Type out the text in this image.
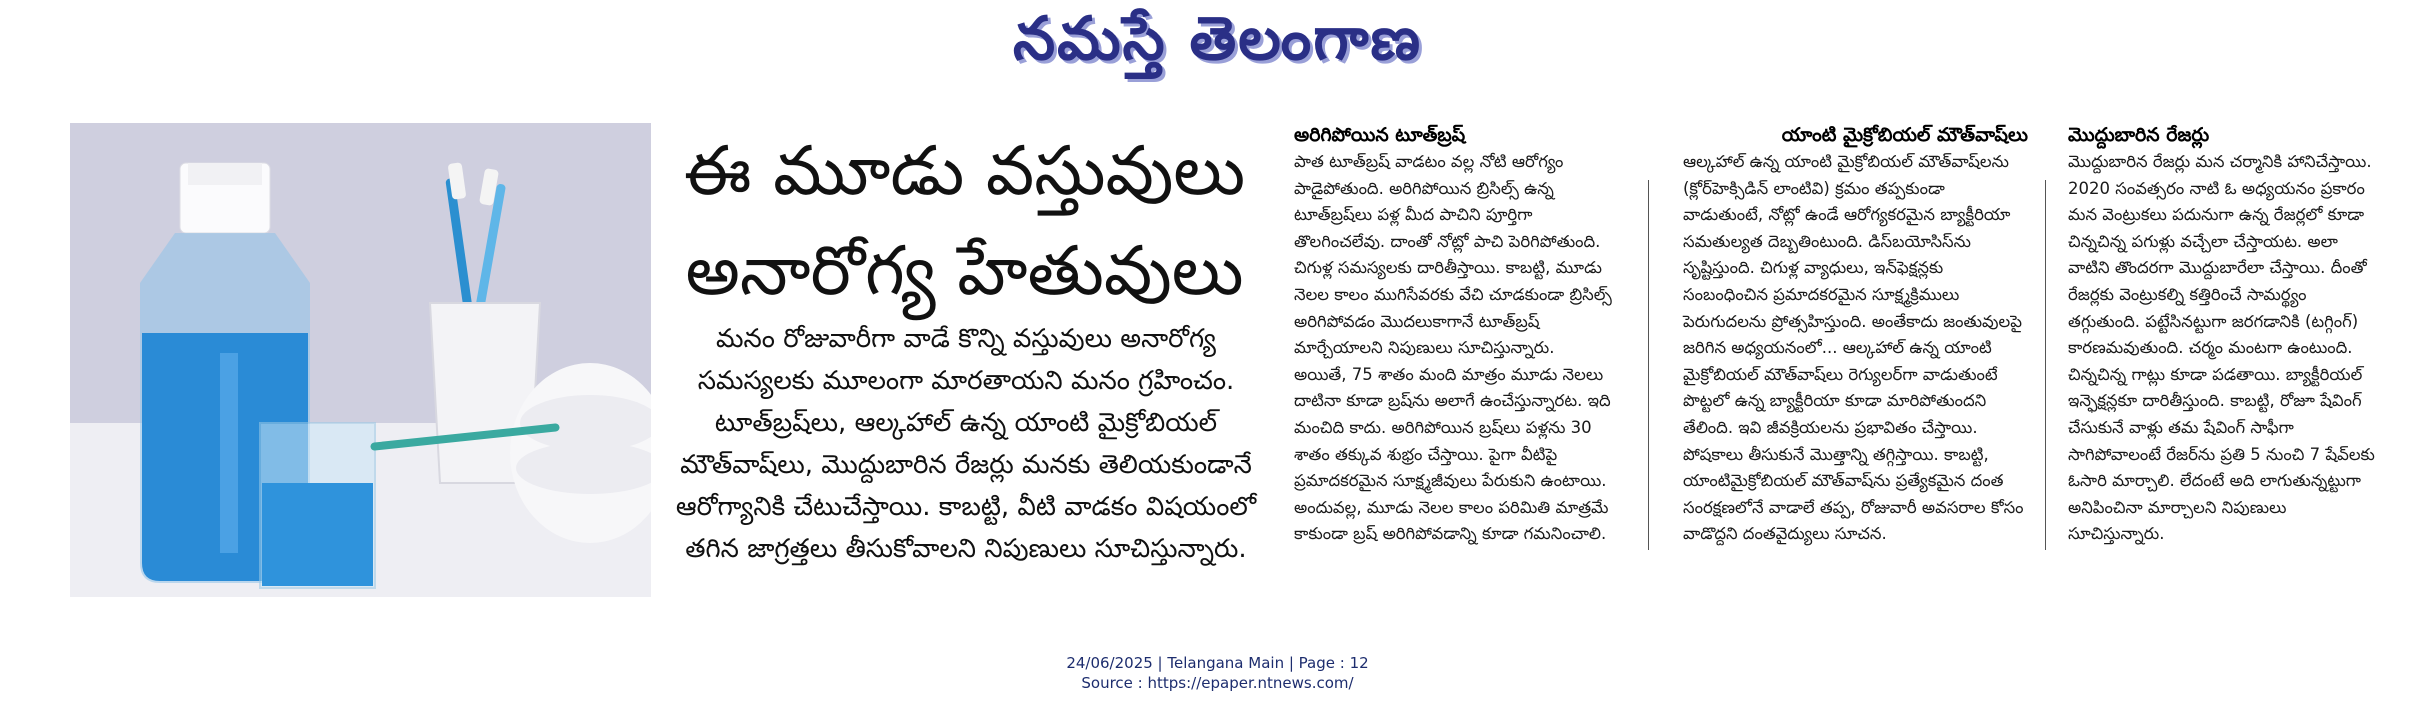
నమస్తే తెలంగాణ
ఈ మూడు వస్తువులు
అనారోగ్య హేతువులు
మనం రోజువారీగా వాడే కొన్ని వస్తువులు అనారోగ్య సమస్యలకు మూలంగా మారతాయని మనం గ్రహించం. టూత్‌బ్రష్‌లు, ఆల్కహాల్ ఉన్న యాంటి మైక్రోబియల్ మౌత్‌వాష్‌లు, మొద్దుబారిన రేజర్లు మనకు తెలియకుండానే ఆరోగ్యానికి చేటుచేస్తాయి. కాబట్టి, వీటి వాడకం విషయంలో తగిన జాగ్రత్తలు తీసుకోవాలని నిపుణులు సూచిస్తున్నారు.
అరిగిపోయిన టూత్‌బ్రష్

పాత టూత్‌బ్రష్ వాడటం వల్ల నోటి ఆరోగ్యం పాడైపోతుంది. అరిగిపోయిన బ్రిసిల్స్ ఉన్న టూత్‌బ్రష్‌లు పళ్ల మీద పాచిని పూర్తిగా తొలగించలేవు. దాంతో నోట్లో పాచి పెరిగిపోతుంది. చిగుళ్ల సమస్యలకు దారితీస్తాయి. కాబట్టి, మూడు నెలల కాలం ముగిసేవరకు వేచి చూడకుండా బ్రిసిల్స్ అరిగిపోవడం మొదలుకాగానే టూత్‌బ్రష్ మార్చేయాలని నిపుణులు సూచిస్తున్నారు. అయితే, 75 శాతం మంది మాత్రం మూడు నెలలు దాటినా కూడా బ్రష్‌ను అలాగే ఉంచేస్తున్నారట. ఇది మంచిది కాదు. అరిగిపోయిన బ్రష్‌లు పళ్లను 30 శాతం తక్కువ శుభ్రం చేస్తాయి. పైగా వీటిపై ప్రమాదకరమైన సూక్ష్మజీవులు పేరుకుని ఉంటాయి. అందువల్ల, మూడు నెలల కాలం పరిమితి మాత్రమే కాకుండా బ్రష్ అరిగిపోవడాన్ని కూడా గమనించాలి.

యాంటి మైక్రోబియల్ మౌత్‌వాష్‌లు

ఆల్కహాల్ ఉన్న యాంటి మైక్రోబియల్ మౌత్‌వాష్‌లను (క్లోర్‌హెక్సిడిన్ లాంటివి) క్రమం తప్పకుండా వాడుతుంటే, నోట్లో ఉండే ఆరోగ్యకరమైన బ్యాక్టీరియా సమతుల్యత దెబ్బతింటుంది. డిస్‌బయోసిస్‌ను సృష్టిస్తుంది. చిగుళ్ల వ్యాధులు, ఇన్‌ఫెక్షన్లకు సంబంధించిన ప్రమాదకరమైన సూక్ష్మక్రిములు పెరుగుదలను ప్రోత్సహిస్తుంది. అంతేకాదు జంతువులపై జరిగిన అధ్యయనంలో... ఆల్కహాల్ ఉన్న యాంటి మైక్రోబియల్ మౌత్‌వాష్‌లు రెగ్యులర్‌గా వాడుతుంటే పొట్టలో ఉన్న బ్యాక్టీరియా కూడా మారిపోతుందని తేలింది. ఇవి జీవక్రియలను ప్రభావితం చేస్తాయి. పోషకాలు తీసుకునే మొత్తాన్ని తగ్గిస్తాయి. కాబట్టి, యాంటిమైక్రోబియల్ మౌత్‌వాష్‌ను ప్రత్యేకమైన దంత సంరక్షణలోనే వాడాలే తప్ప, రోజువారీ అవసరాల కోసం వాడొద్దని దంతవైద్యులు సూచన.

మొద్దుబారిన రేజర్లు

మొద్దుబారిన రేజర్లు మన చర్మానికి హానిచేస్తాయి. 2020 సంవత్సరం నాటి ఓ అధ్యయనం ప్రకారం మన వెంట్రుకలు పదునుగా ఉన్న రేజర్లలో కూడా చిన్నచిన్న పగుళ్లు వచ్చేలా చేస్తాయట. అలా వాటిని తొందరగా మొద్దుబారేలా చేస్తాయి. దీంతో రేజర్లకు వెంట్రుకల్ని కత్తిరించే సామర్థ్యం తగ్గుతుంది. పట్టేసినట్టుగా జరగడానికి (టగ్గింగ్) కారణమవుతుంది. చర్మం మంటగా ఉంటుంది. చిన్నచిన్న గాట్లు కూడా పడతాయి. బ్యాక్టీరియల్ ఇన్ఫెక్షన్లకూ దారితీస్తుంది. కాబట్టి, రోజూ షేవింగ్ చేసుకునే వాళ్లు తమ షేవింగ్ సాఫీగా సాగిపోవాలంటే రేజర్‌ను ప్రతి 5 నుంచి 7 షేవ్‌లకు ఓసారి మార్చాలి. లేదంటే అది లాగుతున్నట్టుగా అనిపించినా మార్చాలని నిపుణులు సూచిస్తున్నారు.

24/06/2025 | Telangana Main | Page : 12
Source : https://epaper.ntnews.com/
